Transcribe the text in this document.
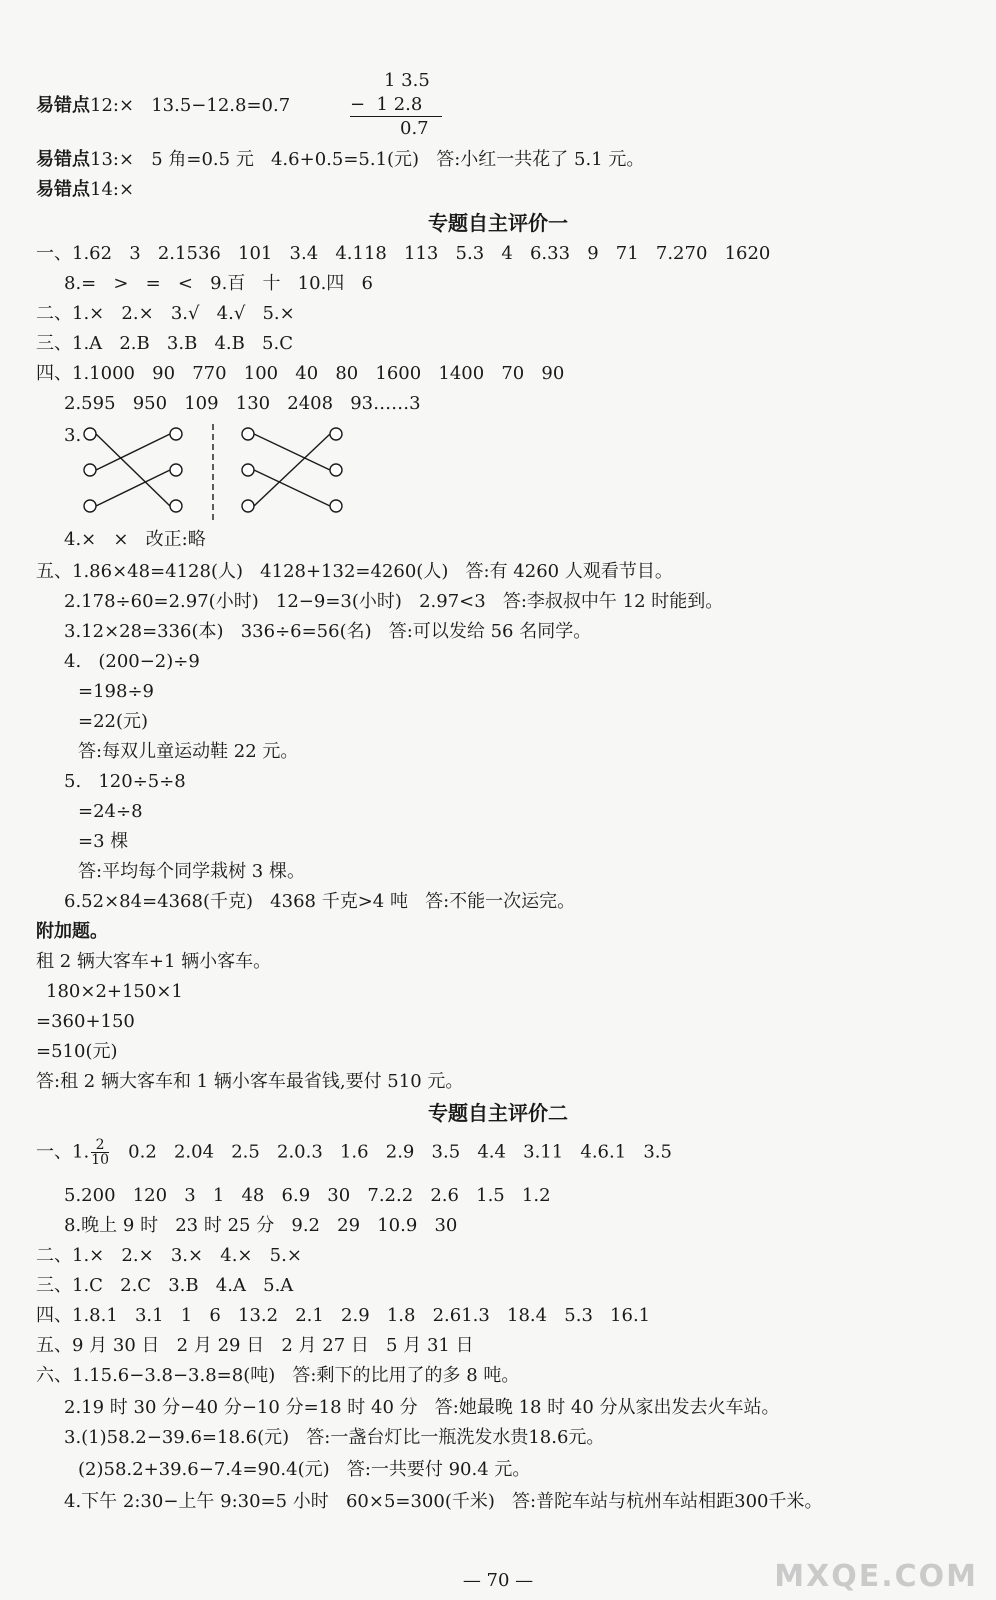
易错点12:×   13.5−12.8=0.7
1 3.5
−  1 2.8
0.7
易错点13:×   5 角=0.5 元   4.6+0.5=5.1(元)   答:小红一共花了 5.1 元。
易错点14:×
专题自主评价一
一、1.62   3   2.1536   101   3.4   4.118   113   5.3   4   6.33   9   71   7.270   1620
8.=   >   =   <   9.百   十   10.四   6
二、1.×   2.×   3.√   4.√   5.×
三、1.A   2.B   3.B   4.B   5.C
四、1.1000   90   770   100   40   80   1600   1400   70   90
2.595   950   109   130   2408   93……3
3.
4.×   ×   改正:略
五、1.86×48=4128(人)   4128+132=4260(人)   答:有 4260 人观看节目。
2.178÷60=2.97(小时)   12−9=3(小时)   2.97<3   答:李叔叔中午 12 时能到。
3.12×28=336(本)   336÷6=56(名)   答:可以发给 56 名同学。
4.   (200−2)÷9
=198÷9
=22(元)
答:每双儿童运动鞋 22 元。
5.   120÷5÷8
=24÷8
=3 棵
答:平均每个同学栽树 3 棵。
6.52×84=4368(千克)   4368 千克>4 吨   答:不能一次运完。
附加题。
租 2 辆大客车+1 辆小客车。
180×2+150×1
=360+150
=510(元)
答:租 2 辆大客车和 1 辆小客车最省钱,要付 510 元。
专题自主评价二
一、1. $\frac{2}{10} 0.2$   2.04   2.5   2.0.3   1.6   2.9   3.5   4.4   3.11   4.6.1   3.5
5.200   120   3   1   48   6.9   30   7.2.2   2.6   1.5   1.2
8.晚上 9 时   23 时 25 分   9.2   29   10.9   30
二、1.×   2.×   3.×   4.×   5.×
三、1.C   2.C   3.B   4.A   5.A
四、1.8.1   3.1   1   6   13.2   2.1   2.9   1.8   2.61.3   18.4   5.3   16.1
五、9 月 30 日   2 月 29 日   2 月 27 日   5 月 31 日
六、1.15.6−3.8−3.8=8(吨)   答:剩下的比用了的多 8 吨。
2.19 时 30 分−40 分−10 分=18 时 40 分   答:她最晚 18 时 40 分从家出发去火车站。
3.(1)58.2−39.6=18.6(元)   答:一盏台灯比一瓶洗发水贵18.6元。
(2)58.2+39.6−7.4=90.4(元)   答:一共要付 90.4 元。
4.下午 2:30−上午 9:30=5 小时   60×5=300(千米)   答:普陀车站与杭州车站相距300千米。
— 70 —	MXQE.COM
